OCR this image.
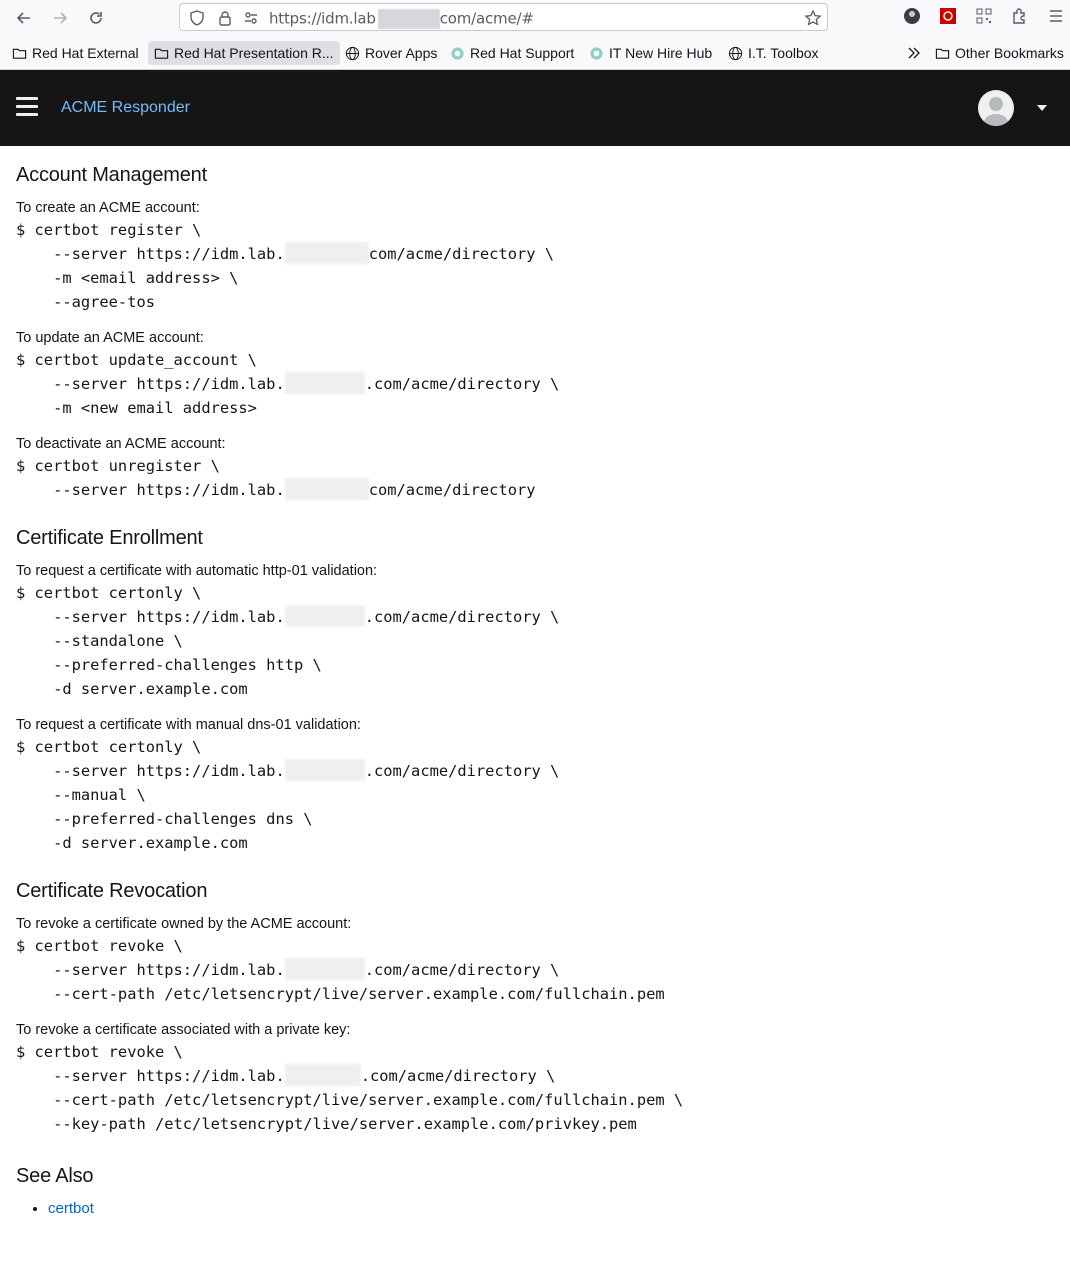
https://idm.lab	com/acme/#
Red Hat External	Red Hat Presentation R... Rover Apps Red Hat Support IT New Hire Hub	I.T. Toolbox	Other Bookmarks
ACME Responder
Account Management

To create an ACME account:

$ certbot register \
--server https://idm.lab.	com/acme/directory \
-m <email address> \
--agree-tos

To update an ACME account:

$ certbot update_account \
--server https://idm.lab.	.com/acme/directory \
-m <new email address>

To deactivate an ACME account:

$ certbot unregister \
--server https://idm.lab.	com/acme/directory
Certificate Enrollment

To request a certificate with automatic http-01 validation:

$ certbot certonly \
--server https://idm.lab.	.com/acme/directory \
--standalone \
--preferred-challenges http \
-d server.example.com

To request a certificate with manual dns-01 validation:

$ certbot certonly \
--server https://idm.lab.	.com/acme/directory \
--manual \
--preferred-challenges dns \
-d server.example.com
Certificate Revocation

To revoke a certificate owned by the ACME account:

$ certbot revoke \
--server https://idm.lab.	.com/acme/directory \
--cert-path /etc/letsencrypt/live/server.example.com/fullchain.pem

To revoke a certificate associated with a private key:

$ certbot revoke \
--server https://idm.lab.	.com/acme/directory \
--cert-path /etc/letsencrypt/live/server.example.com/fullchain.pem \
--key-path /etc/letsencrypt/live/server.example.com/privkey.pem
See Also
• certbot
